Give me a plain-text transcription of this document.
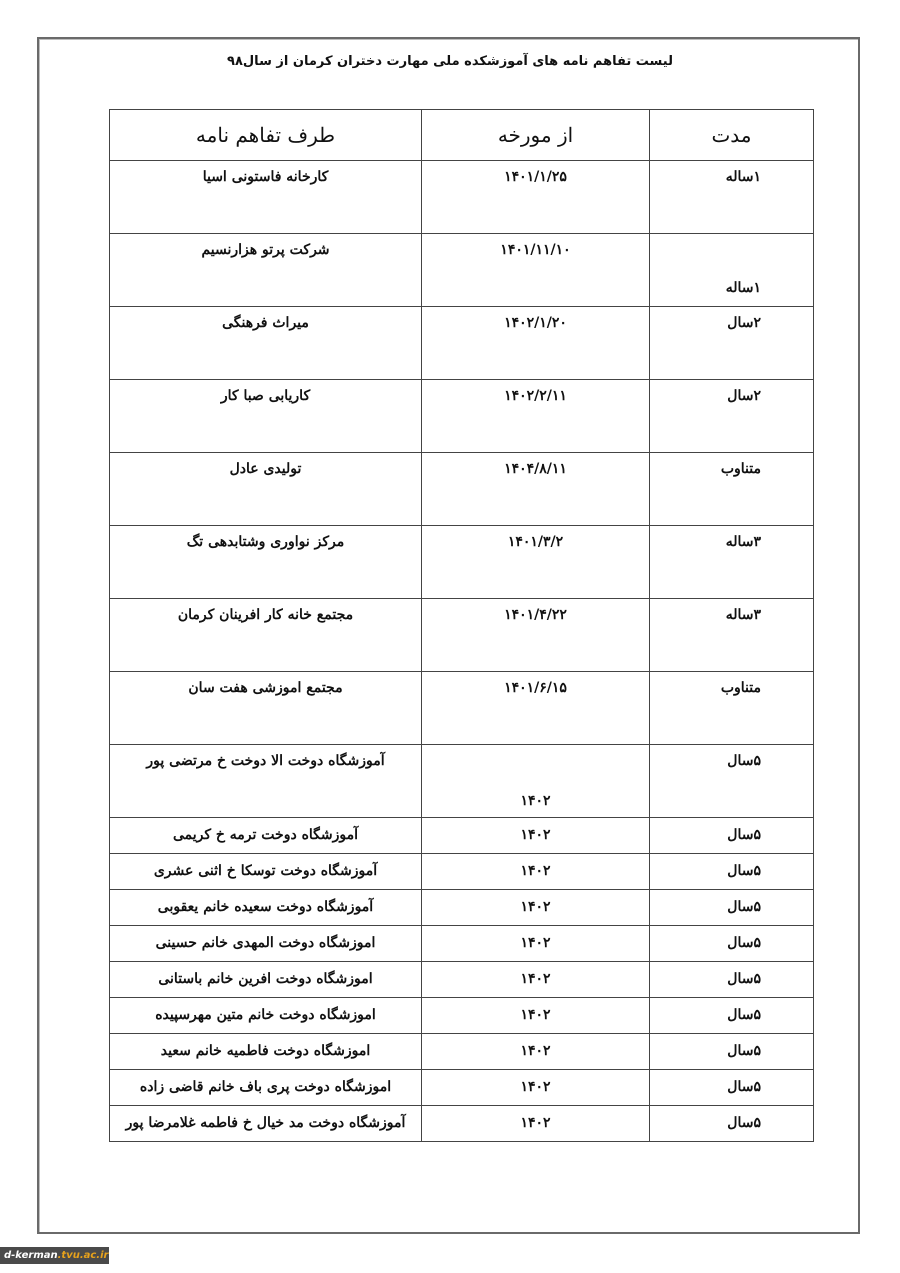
لیست تفاهم نامه های آموزشکده ملی مهارت دختران کرمان از سال۹۸
مدت	از مورخه	طرف تفاهم نامه
۱ساله	۱۴۰۱/۱/۲۵	کارخانه فاستونی اسیا

۱ساله	۱۴۰۱/۱۱/۱۰	شرکت پرتو هزارنسیم

۲سال	۱۴۰۲/۱/۲۰	میراث فرهنگی

۲سال	۱۴۰۲/۲/۱۱	کاریابی صبا کار

متناوب	۱۴۰۴/۸/۱۱	تولیدی عادل

۳ساله	۱۴۰۱/۳/۲	مرکز نواوری وشتابدهی تگ

۳ساله	۱۴۰۱/۴/۲۲	مجتمع خانه کار افرینان کرمان

متناوب	۱۴۰۱/۶/۱۵	مجتمع اموزشی هفت سان

۵سال	۱۴۰۲	آموزشگاه دوخت الا دوخت خ مرتضی پور

۵سال	۱۴۰۲	آموزشگاه دوخت ترمه خ کریمی

۵سال	۱۴۰۲	آموزشگاه دوخت توسکا خ اثنی عشری

۵سال	۱۴۰۲	آموزشگاه دوخت سعیده خانم یعقوبی

۵سال	۱۴۰۲	اموزشگاه دوخت المهدی خانم حسینی

۵سال	۱۴۰۲	اموزشگاه دوخت افرین خانم باستانی

۵سال	۱۴۰۲	اموزشگاه دوخت خانم متین مهرسپیده

۵سال	۱۴۰۲	اموزشگاه دوخت فاطمیه خانم سعید

۵سال	۱۴۰۲	اموزشگاه دوخت پری باف خانم قاضی زاده

۵سال	۱۴۰۲	آموزشگاه دوخت مد خیال خ فاطمه غلامرضا پور
d-kerman.tvu.ac.ir
